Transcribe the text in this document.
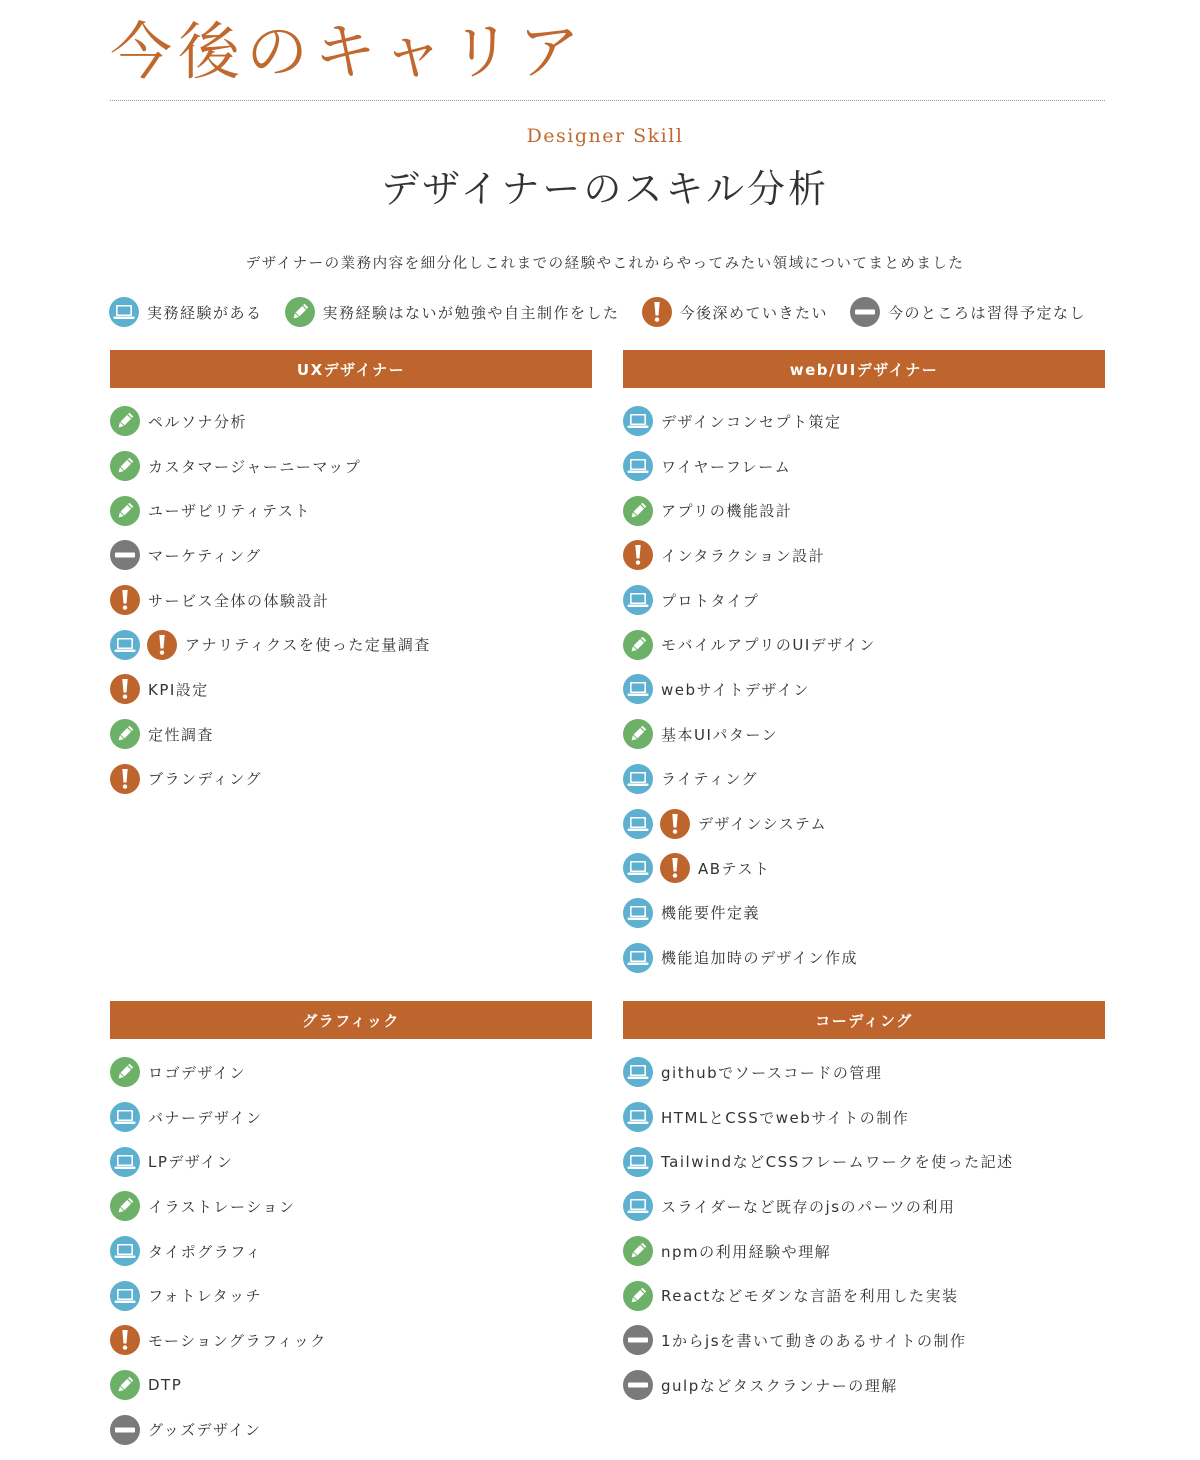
今後のキャリア
Designer Skill
デザイナーのスキル分析

デザイナーの業務内容を細分化しこれまでの経験やこれからやってみたい領域についてまとめました

実務経験がある	実務経験はないが勉強や自主制作をした	今後深めていきたい	今のところは習得予定なし
UXデザイナー
ペルソナ分析
カスタマージャーニーマップ
ユーザビリティテスト
マーケティング
サービス全体の体験設計
アナリティクスを使った定量調査
KPI設定
定性調査
ブランディング
web/UIデザイナー
デザインコンセプト策定
ワイヤーフレーム
アプリの機能設計
インタラクション設計
プロトタイプ
モバイルアプリのUIデザイン
webサイトデザイン
基本UIパターン
ライティング
デザインシステム
ABテスト
機能要件定義
機能追加時のデザイン作成
グラフィック
ロゴデザイン
バナーデザイン
LPデザイン
イラストレーション
タイポグラフィ
フォトレタッチ
モーショングラフィック
DTP
グッズデザイン
コーディング
githubでソースコードの管理
HTMLとCSSでwebサイトの制作
TailwindなどCSSフレームワークを使った記述
スライダーなど既存のjsのパーツの利用
npmの利用経験や理解
Reactなどモダンな言語を利用した実装
1からjsを書いて動きのあるサイトの制作
gulpなどタスクランナーの理解
